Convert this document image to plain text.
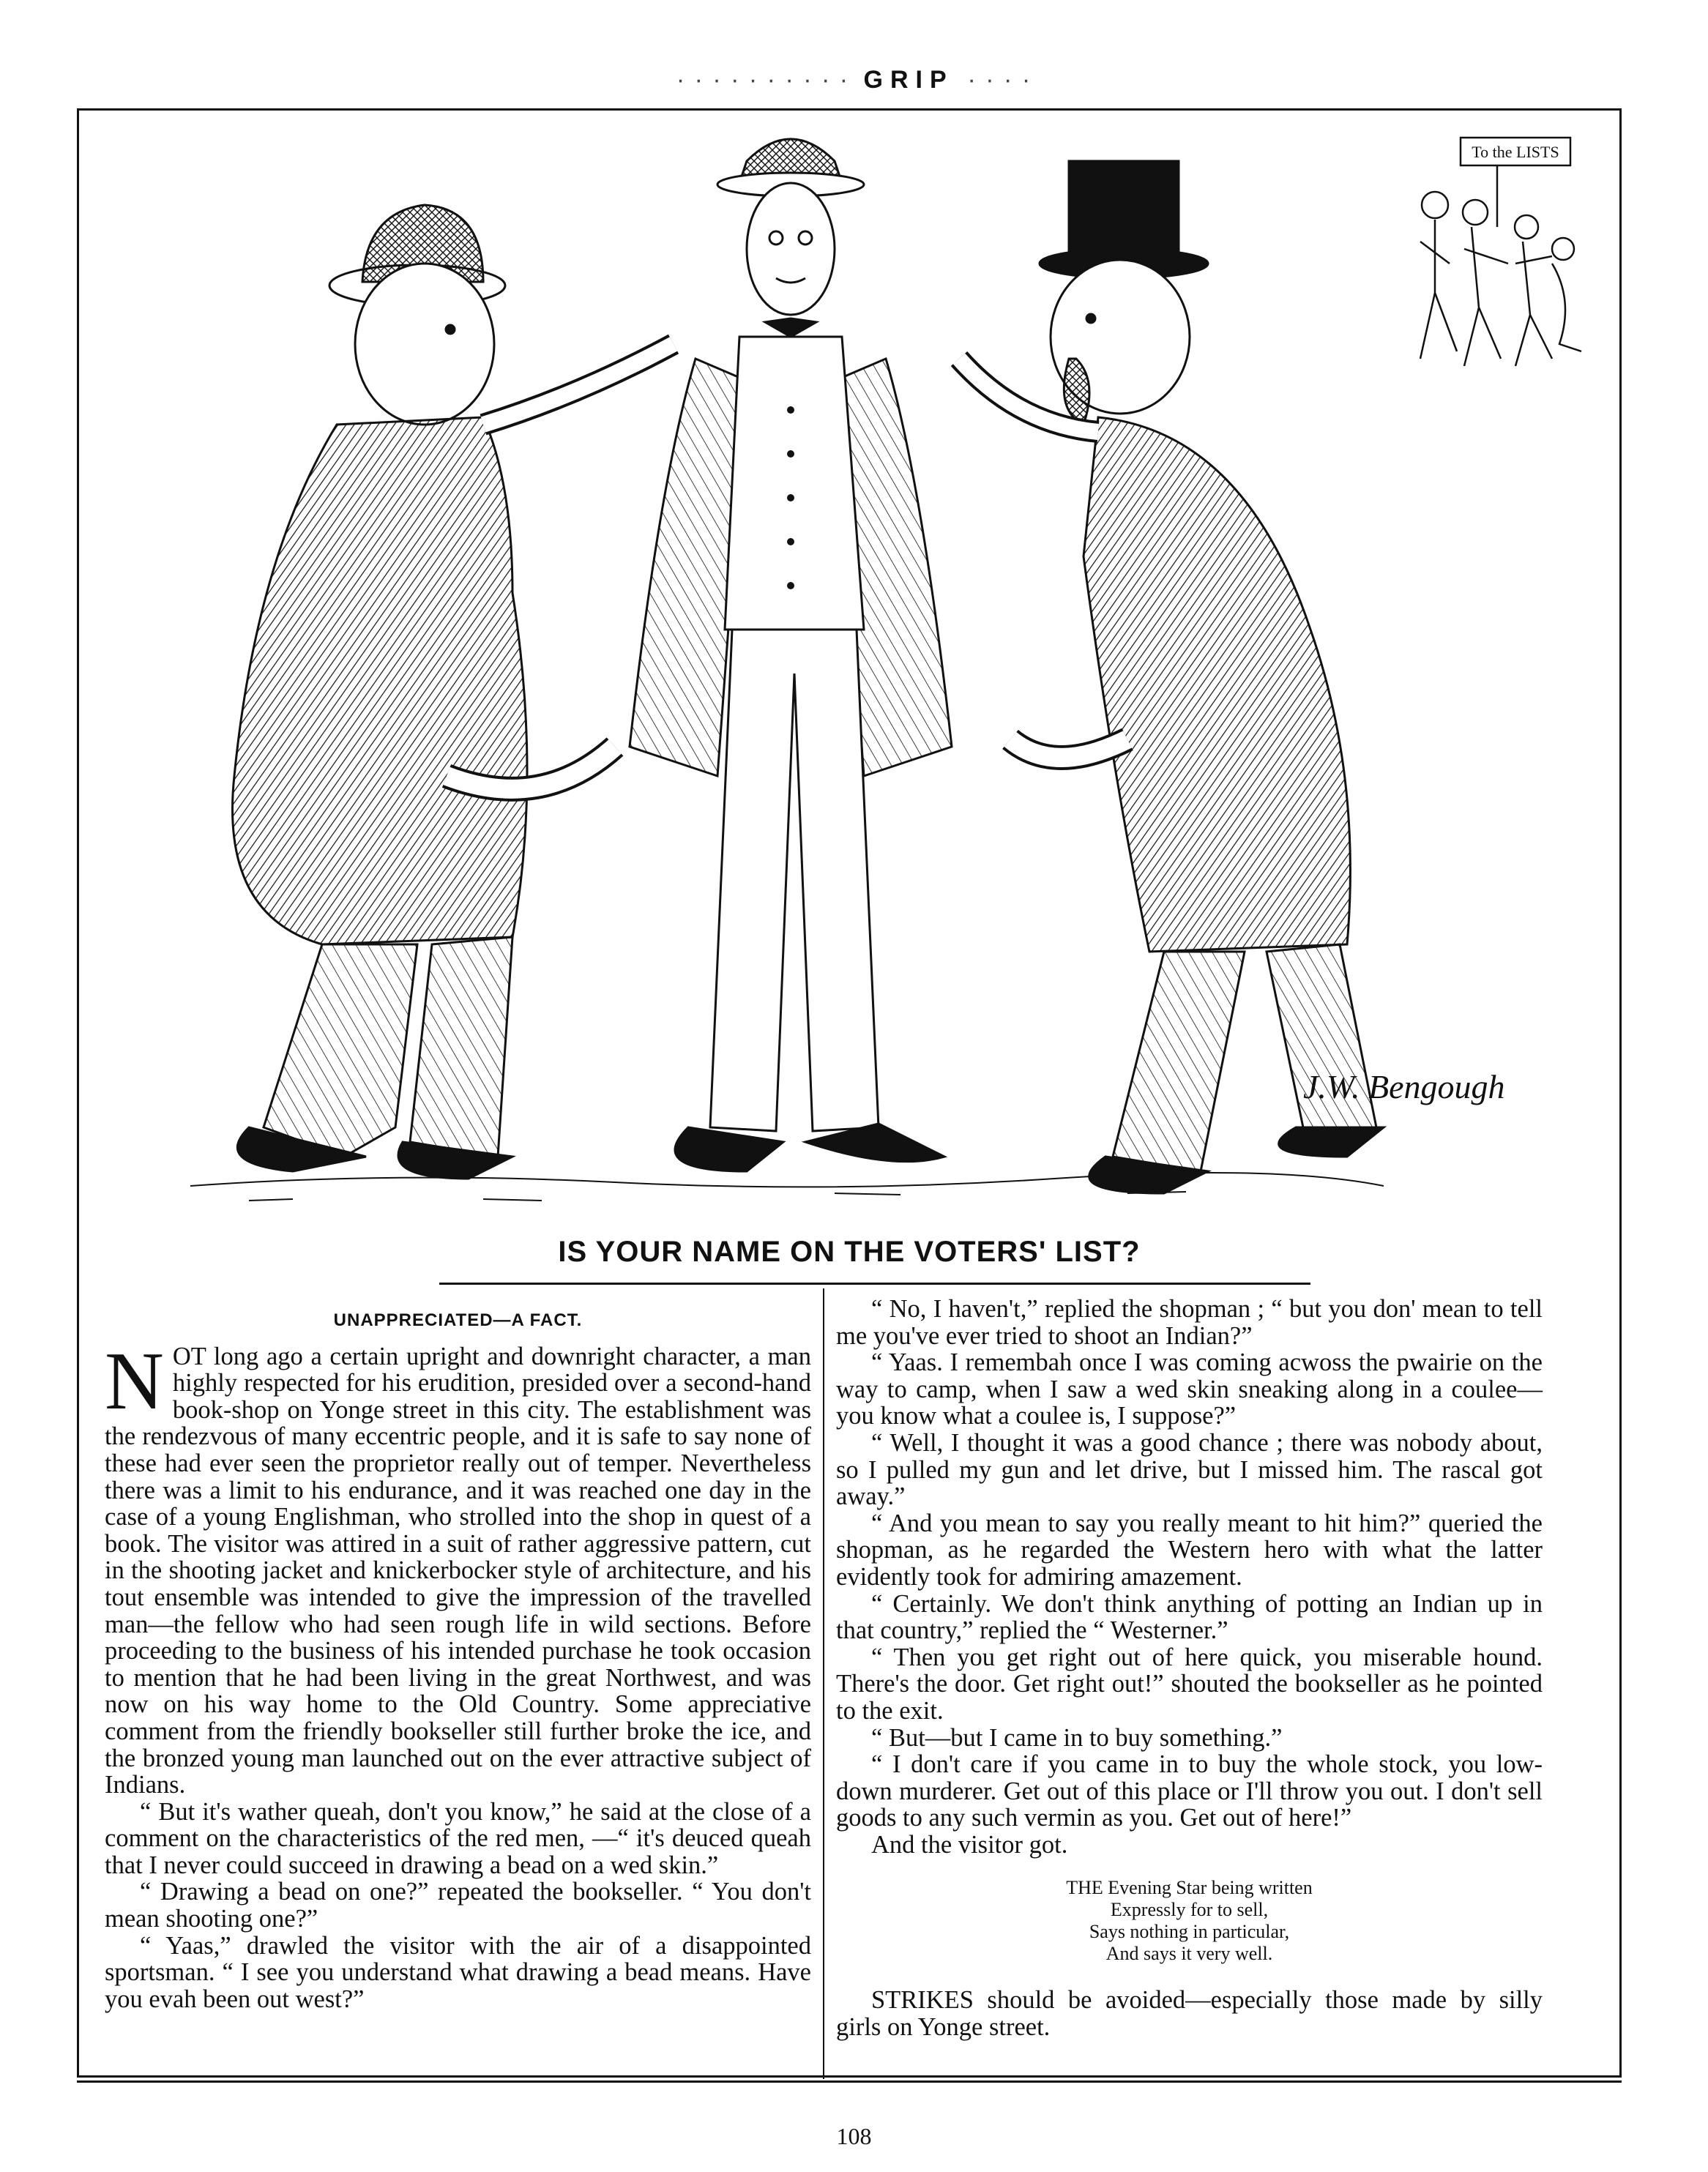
· · · · · · · · · · GRIP · · · ·
To the LISTS
J.W. Bengough
IS YOUR NAME ON THE VOTERS' LIST?
UNAPPRECIATED—A FACT.

NOT long ago a certain upright and downright character, a man highly respected for his erudition, presided over a second-hand book-shop on Yonge street in this city. The establishment was the rendezvous of many eccentric people, and it is safe to say none of these had ever seen the proprietor really out of temper. Nevertheless there was a limit to his endurance, and it was reached one day in the case of a young Englishman, who strolled into the shop in quest of a book. The visitor was attired in a suit of rather aggressive pattern, cut in the shooting jacket and knickerbocker style of architecture, and his tout ensemble was intended to give the impression of the travelled man—the fellow who had seen rough life in wild sections. Before proceeding to the business of his intended purchase he took occasion to mention that he had been living in the great Northwest, and was now on his way home to the Old Country. Some appreciative comment from the friendly bookseller still further broke the ice, and the bronzed young man launched out on the ever attractive subject of Indians.

“ But it's wather queah, don't you know,” he said at the close of a comment on the characteristics of the red men, —“ it's deuced queah that I never could succeed in drawing a bead on a wed skin.”

“ Drawing a bead on one?” repeated the bookseller. “ You don't mean shooting one?”

“ Yaas,” drawled the visitor with the air of a disappointed sportsman. “ I see you understand what drawing a bead means. Have you evah been out west?”

“ No, I haven't,” replied the shopman ; “ but you don' mean to tell me you've ever tried to shoot an Indian?”

“ Yaas. I remembah once I was coming acwoss the pwairie on the way to camp, when I saw a wed skin sneaking along in a coulee—you know what a coulee is, I suppose?”

“ Well, I thought it was a good chance ; there was nobody about, so I pulled my gun and let drive, but I missed him. The rascal got away.”

“ And you mean to say you really meant to hit him?” queried the shopman, as he regarded the Western hero with what the latter evidently took for admiring amazement.

“ Certainly. We don't think anything of potting an Indian up in that country,” replied the “ Westerner.”

“ Then you get right out of here quick, you miserable hound. There's the door. Get right out!” shouted the bookseller as he pointed to the exit.

“ But—but I came in to buy something.”

“ I don't care if you came in to buy the whole stock, you low-down murderer. Get out of this place or I'll throw you out. I don't sell goods to any such vermin as you. Get out of here!”

And the visitor got.

THE Evening Star being written
Expressly for to sell,
Says nothing in particular,
And says it very well.

STRIKES should be avoided—especially those made by silly girls on Yonge street.

108
